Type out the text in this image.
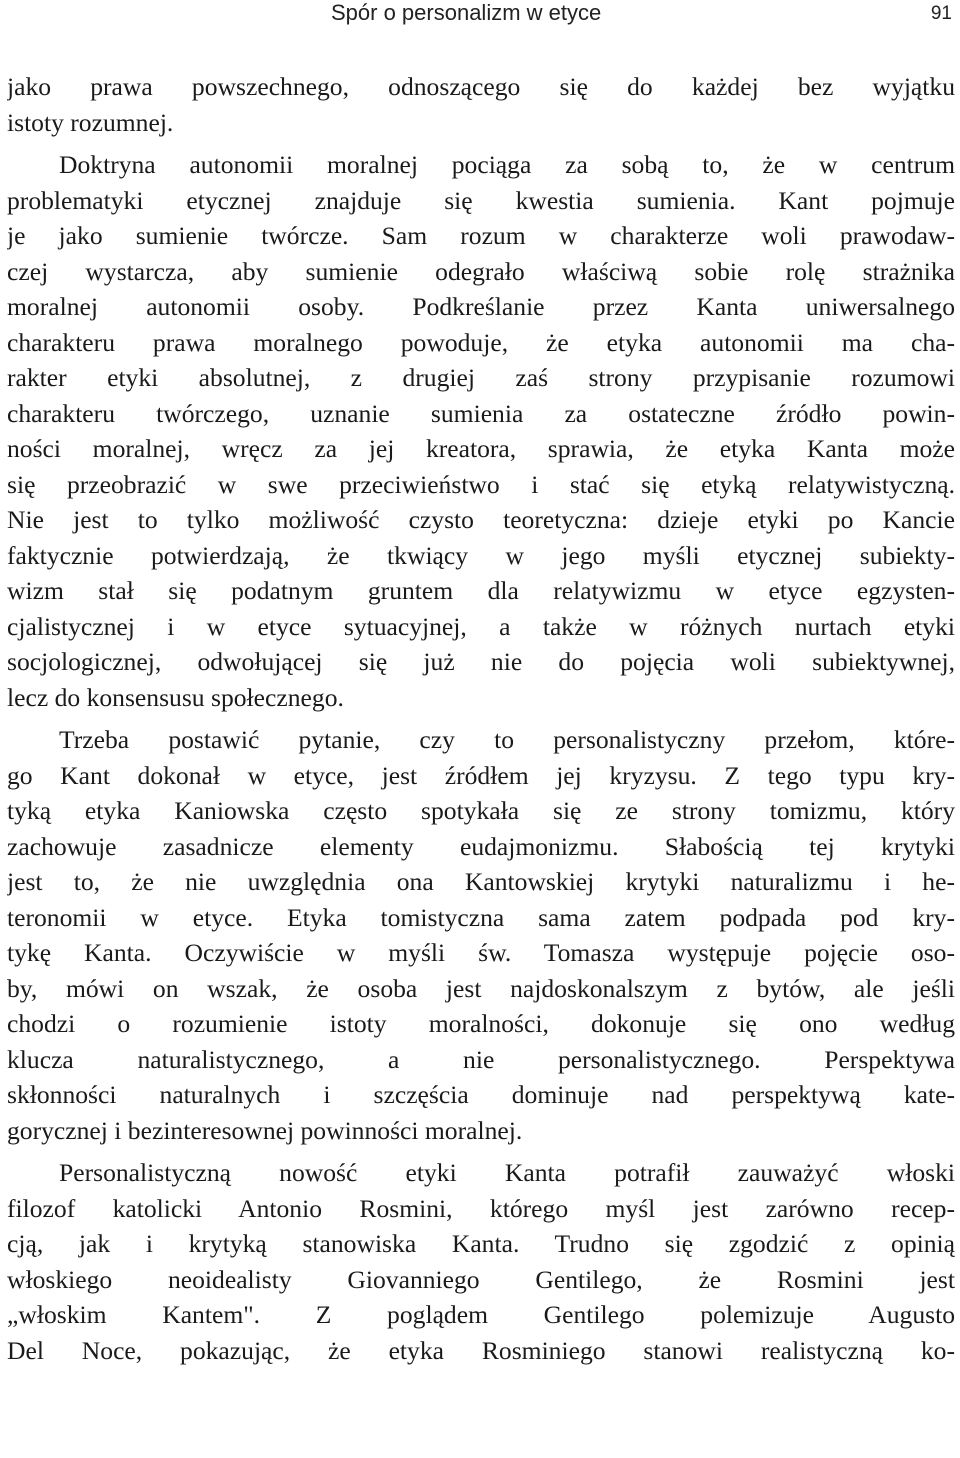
Spór o personalizm w etyce	91

jako prawa powszechnego, odnoszącego się do każdej bez wyjątku
istoty rozumnej.

Doktryna autonomii moralnej pociąga za sobą to, że w centrum
problematyki etycznej znajduje się kwestia sumienia. Kant pojmuje
je jako sumienie twórcze. Sam rozum w charakterze woli prawodaw-
czej wystarcza, aby sumienie odegrało właściwą sobie rolę strażnika
moralnej autonomii osoby. Podkreślanie przez Kanta uniwersalnego
charakteru prawa moralnego powoduje, że etyka autonomii ma cha-
rakter etyki absolutnej, z drugiej zaś strony przypisanie rozumowi
charakteru twórczego, uznanie sumienia za ostateczne źródło powin-
ności moralnej, wręcz za jej kreatora, sprawia, że etyka Kanta może
się przeobrazić w swe przeciwieństwo i stać się etyką relatywistyczną.
Nie jest to tylko możliwość czysto teoretyczna: dzieje etyki po Kancie
faktycznie potwierdzają, że tkwiący w jego myśli etycznej subiekty-
wizm stał się podatnym gruntem dla relatywizmu w etyce egzysten-
cjalistycznej i w etyce sytuacyjnej, a także w różnych nurtach etyki
socjologicznej, odwołującej się już nie do pojęcia woli subiektywnej,
lecz do konsensusu społecznego.

Trzeba postawić pytanie, czy to personalistyczny przełom, które-
go Kant dokonał w etyce, jest źródłem jej kryzysu. Z tego typu kry-
tyką etyka Kaniowska często spotykała się ze strony tomizmu, który
zachowuje zasadnicze elementy eudajmonizmu. Słabością tej krytyki
jest to, że nie uwzględnia ona Kantowskiej krytyki naturalizmu i he-
teronomii w etyce. Etyka tomistyczna sama zatem podpada pod kry-
tykę Kanta. Oczywiście w myśli św. Tomasza występuje pojęcie oso-
by, mówi on wszak, że osoba jest najdoskonalszym z bytów, ale jeśli
chodzi o rozumienie istoty moralności, dokonuje się ono według
klucza naturalistycznego, a nie personalistycznego. Perspektywa
skłonności naturalnych i szczęścia dominuje nad perspektywą kate-
gorycznej i bezinteresownej powinności moralnej.

Personalistyczną nowość etyki Kanta potrafił zauważyć włoski
filozof katolicki Antonio Rosmini, którego myśl jest zarówno recep-
cją, jak i krytyką stanowiska Kanta. Trudno się zgodzić z opinią
włoskiego neoidealisty Giovanniego Gentilego, że Rosmini jest
„włoskim Kantem". Z poglądem Gentilego polemizuje Augusto
Del Noce, pokazując, że etyka Rosminiego stanowi realistyczną ko-
